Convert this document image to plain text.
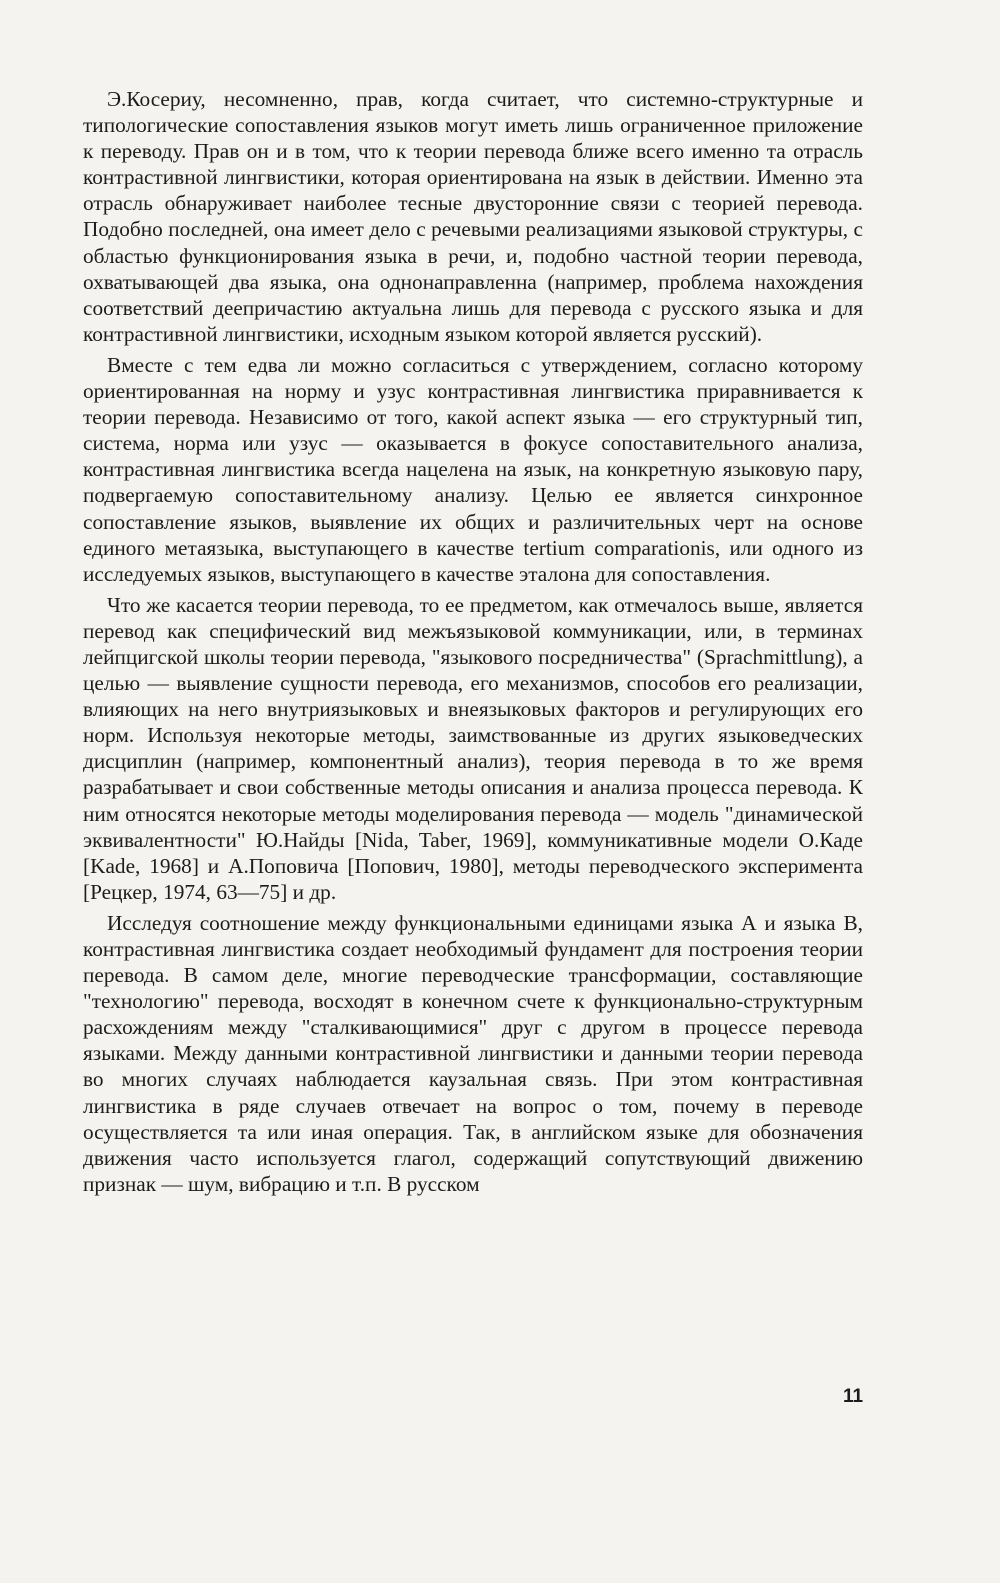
Э.Косериу, несомненно, прав, когда считает, что системно-структурные и типологические сопоставления языков могут иметь лишь ограниченное приложение к переводу. Прав он и в том, что к теории перевода ближе всего именно та отрасль контрастивной лингвистики, которая ориентирована на язык в действии. Именно эта отрасль обнаруживает наиболее тесные двусторонние связи с теорией перевода. Подобно последней, она имеет дело с речевыми реализациями языковой структуры, с областью функционирования языка в речи, и, подобно частной теории перевода, охватывающей два языка, она однонаправленна (например, проблема нахождения соответствий деепричастию актуальна лишь для перевода с русского языка и для контрастивной лингвистики, исходным языком которой является русский).

Вместе с тем едва ли можно согласиться с утверждением, согласно которому ориентированная на норму и узус контрастивная лингвистика приравнивается к теории перевода. Независимо от того, какой аспект языка — его структурный тип, система, норма или узус — оказывается в фокусе сопоставительного анализа, контрастивная лингвистика всегда нацелена на язык, на конкретную языковую пару, подвергаемую сопоставительному анализу. Целью ее является синхронное сопоставление языков, выявление их общих и различительных черт на основе единого метаязыка, выступающего в качестве tertium comparationis, или одного из исследуемых языков, выступающего в качестве эталона для сопоставления.

Что же касается теории перевода, то ее предметом, как отмечалось выше, является перевод как специфический вид межъязыковой коммуникации, или, в терминах лейпцигской школы теории перевода, "языкового посредничества" (Sprachmittlung), а целью — выявление сущности перевода, его механизмов, способов его реализации, влияющих на него внутриязыковых и внеязыковых факторов и регулирующих его норм. Используя некоторые методы, заимствованные из других языковедческих дисциплин (например, компонентный анализ), теория перевода в то же время разрабатывает и свои собственные методы описания и анализа процесса перевода. К ним относятся некоторые методы моделирования перевода — модель "динамической эквивалентности" Ю.Найды [Nida, Taber, 1969], коммуникативные модели О.Каде [Kade, 1968] и А.Поповича [Попович, 1980], методы переводческого эксперимента [Рецкер, 1974, 63—75] и др.

Исследуя соотношение между функциональными единицами языка А и языка В, контрастивная лингвистика создает необходимый фундамент для построения теории перевода. В самом деле, многие переводческие трансформации, составляющие "технологию" перевода, восходят в конечном счете к функционально-структурным расхождениям между "сталкивающимися" друг с другом в процессе перевода языками. Между данными контрастивной лингвистики и данными теории перевода во многих случаях наблюдается каузальная связь. При этом контрастивная лингвистика в ряде случаев отвечает на вопрос о том, почему в переводе осуществляется та или иная операция. Так, в английском языке для обозначения движения часто используется глагол, содержащий сопутствующий движению признак — шум, вибрацию и т.п. В русском

11
